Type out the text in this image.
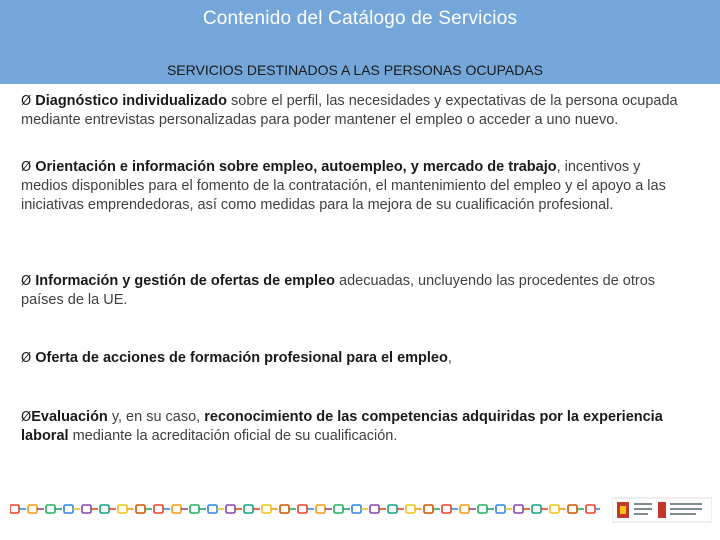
Contenido del Catálogo de Servicios
SERVICIOS DESTINADOS A LAS PERSONAS OCUPADAS
Ø Diagnóstico individualizado sobre el perfil, las necesidades y expectativas de la persona ocupada mediante entrevistas personalizadas para poder mantener el empleo o acceder a uno nuevo.
Ø Orientación e información sobre empleo, autoempleo, y mercado de trabajo, incentivos y medios disponibles para el fomento de la contratación, el mantenimiento del empleo y el apoyo a las iniciativas emprendedoras, así como medidas para la mejora de su cualificación profesional.
Ø Información y gestión de ofertas de empleo adecuadas, uncluyendo las procedentes de otros países de la UE.
Ø Oferta de acciones de formación profesional para el empleo,
ØEvaluación y, en su caso, reconocimiento de las competencias adquiridas por la experiencia laboral mediante la acreditación oficial de su cualificación.
